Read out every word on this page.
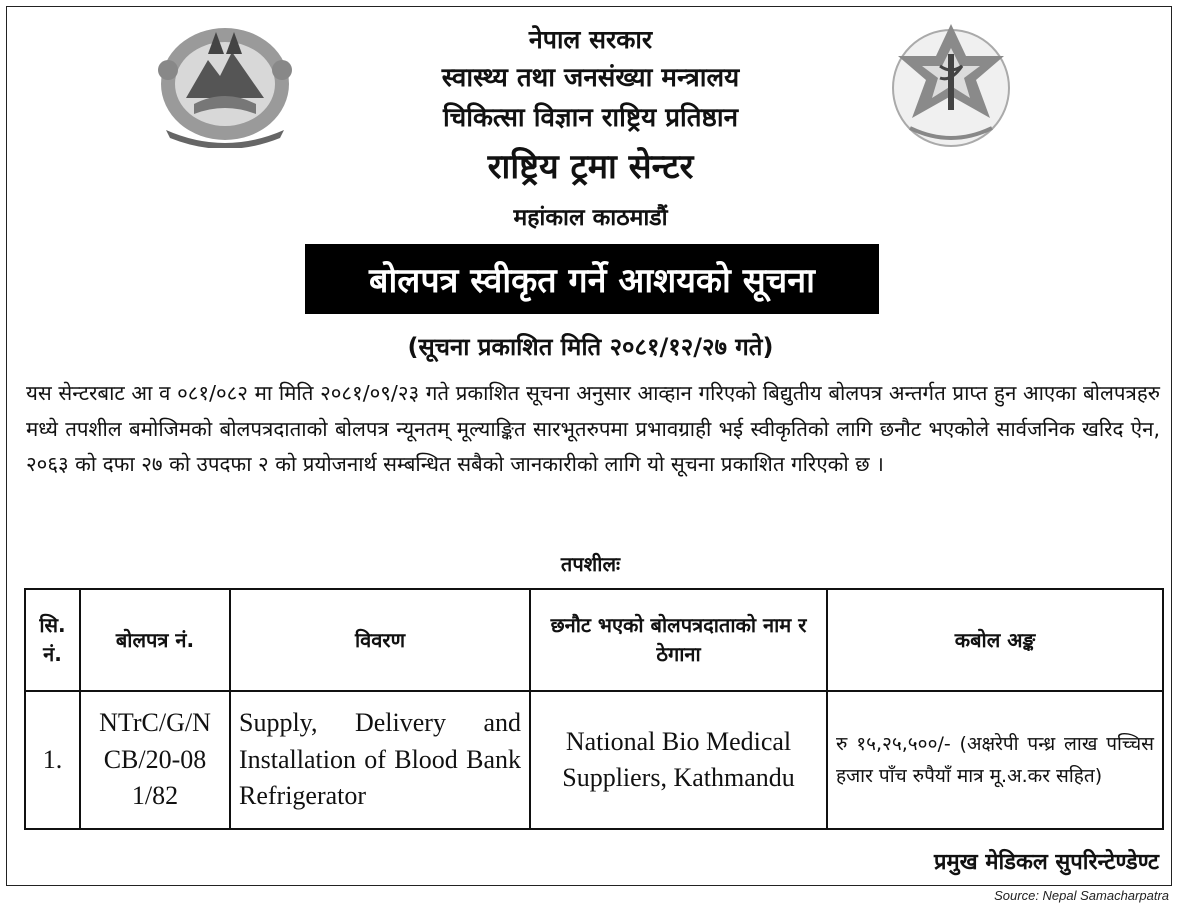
नेपाल सरकार
स्वास्थ्य तथा जनसंख्या मन्त्रालय
चिकित्सा विज्ञान राष्ट्रिय प्रतिष्ठान
राष्ट्रिय ट्रमा सेन्टर
महांकाल काठमाडौं
बोलपत्र स्वीकृत गर्ने आशयको सूचना
(सूचना प्रकाशित मिति २०८१/१२/२७ गते)

यस सेन्टरबाट आ व ०८१/०८२ मा मिति २०८१/०९/२३ गते प्रकाशित सूचना अनुसार आव्हान गरिएको बिद्युतीय बोलपत्र अन्तर्गत प्राप्त हुन आएका बोलपत्रहरु मध्ये तपशील बमोजिमको बोलपत्रदाताको बोलपत्र न्यूनतम् मूल्याङ्कित सारभूतरुपमा प्रभावग्राही भई स्वीकृतिको लागि छनौट भएकोले सार्वजनिक खरिद ऐन, २०६३ को दफा २७ को उपदफा २ को प्रयोजनार्थ सम्बन्धित सबैको जानकारीको लागि यो सूचना प्रकाशित गरिएको छ ।

तपशीलः
सि. नं.	बोलपत्र नं.	विवरण	छनौट भएको बोलपत्रदाताको नाम र ठेगाना	कबोल अङ्क
1.	NTrC/G/NCB/20-081/82	Supply, Delivery and Installation of Blood Bank Refrigerator	National Bio Medical Suppliers, Kathmandu	रु १५,२५,५००/- (अक्षरेपी पन्ध्र लाख पच्चिस हजार पाँच रुपैयाँ मात्र मू.अ.कर सहित)

प्रमुख मेडिकल सुपरिन्टेण्डेण्ट

Source: Nepal Samacharpatra
